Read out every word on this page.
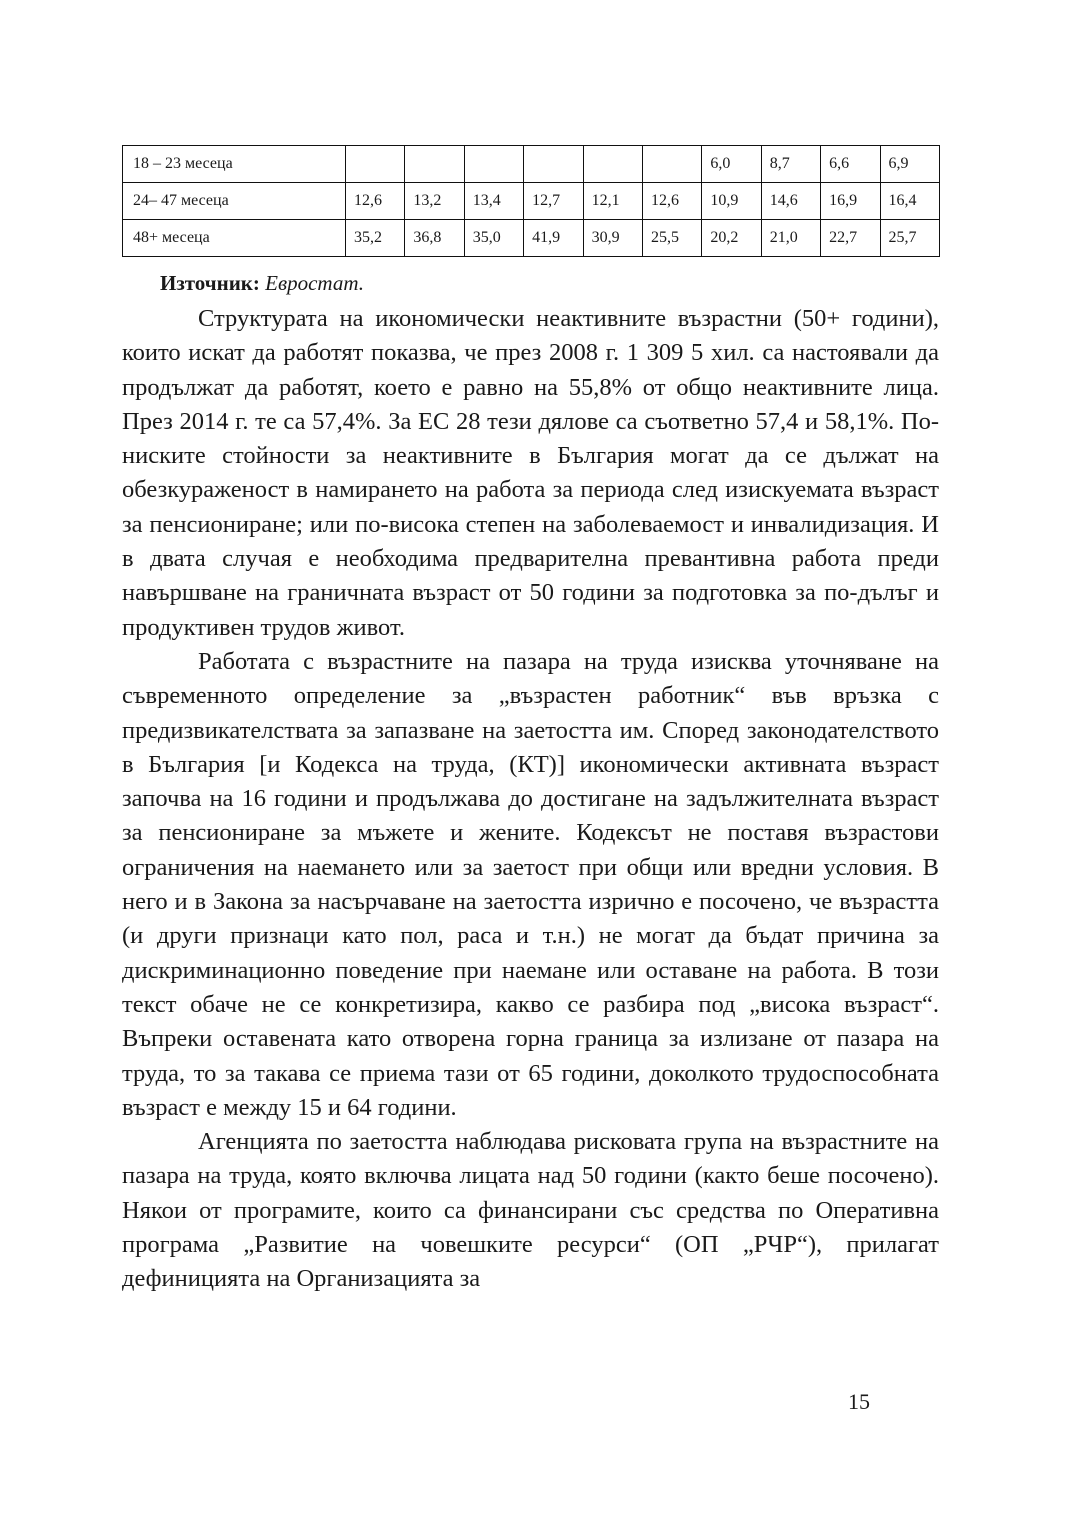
18 – 23 месеца							6,0	8,7	6,6	6,9
24– 47 месеца	12,6	13,2	13,4	12,7	12,1	12,6	10,9	14,6	16,9	16,4
48+ месеца	35,2	36,8	35,0	41,9	30,9	25,5	20,2	21,0	22,7	25,7
Източник: Евростат.

Структурата на икономически неактивните възрастни (50+ години), които искат да работят показва, че през 2008 г. 1 309 5 хил. са настоявали да продължат да работят, което е равно на 55,8% от общо неактивните лица. През 2014 г. те са 57,4%. За ЕС 28 тези дялове са съответно 57,4 и 58,1%. По-ниските стойности за неактивните в България могат да се дължат на обезкураженост в намирането на работа за периода след изискуемата възраст за пенсиониране; или по-висока степен на заболеваемост и инвалидизация. И в двата случая е необходима предварителна превантивна работа преди навършване на граничната възраст от 50 години за подготовка за по-дълъг и продуктивен трудов живот.

Работата с възрастните на пазара на труда изисква уточняване на съвременното определение за „възрастен работник“ във връзка с предизвикателствата за запазване на заетостта им. Според законодателството в България [и Кодекса на труда, (КТ)] икономически активната възраст започва на 16 години и продължава до достигане на задължителната възраст за пенсиониране за мъжете и жените. Кодексът не поставя възрастови ограничения на наемането или за заетост при общи или вредни условия. В него и в Закона за насърчаване на заетостта изрично е посочено, че възрастта (и други признаци като пол, раса и т.н.) не могат да бъдат причина за дискриминационно поведение при наемане или оставане на работа. В този текст обаче не се конкретизира, какво се разбира под „висока възраст“. Въпреки оставената като отворена горна граница за излизане от пазара на труда, то за такава се приема тази от 65 години, доколкото трудоспособната възраст е между 15 и 64 години.

Агенцията по заетостта наблюдава рисковата група на възрастните на пазара на труда, която включва лицата над 50 години (както беше посочено). Някои от програмите, които са финансирани със средства по Оперативна програма „Развитие на човешките ресурси“ (ОП „РЧР“), прилагат дефиницията на Организацията за

15
